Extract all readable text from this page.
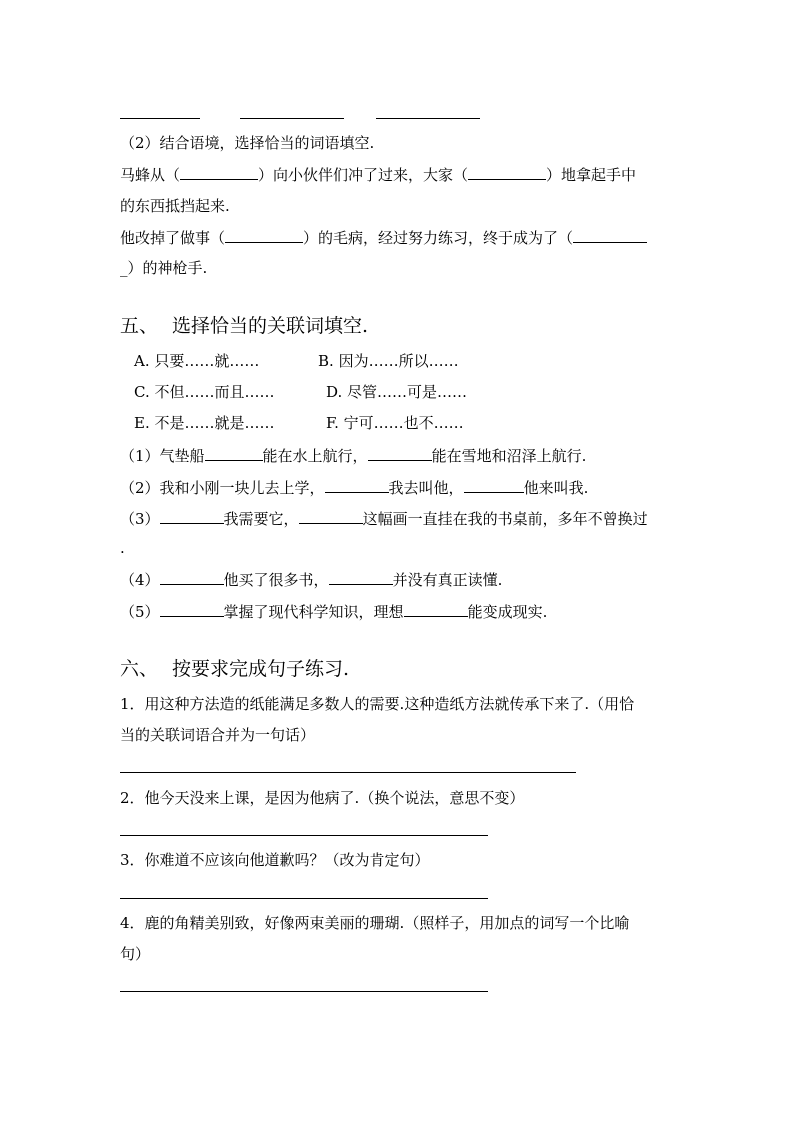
（2）结合语境，选择恰当的词语填空.
马蜂从（	）向小伙伴们冲了过来，大家（	）地拿起手中
的东西抵挡起来.
他改掉了做事（	）的毛病，经过努力练习，终于成为了（
_）的神枪手.
五、 选择恰当的关联词填空.
A. 只要……就……	B. 因为……所以……
C. 不但……而且……	D. 尽管……可是……
E. 不是……就是……	F. 宁可……也不……
（1）气垫船	能在水上航行，	能在雪地和沼泽上航行.
（2）我和小刚一块儿去上学，	我去叫他，	他来叫我.
（3）	我需要它，	这幅画一直挂在我的书桌前，多年不曾换过
.
（4）	他买了很多书，	并没有真正读懂.
（5）	掌握了现代科学知识，理想	能变成现实.
六、 按要求完成句子练习.
1．用这种方法造的纸能满足多数人的需要.这种造纸方法就传承下来了.（用恰
当的关联词语合并为一句话）
2．他今天没来上课，是因为他病了.（换个说法，意思不变）
3．你难道不应该向他道歉吗？（改为肯定句）
4．鹿的角精美别致，好像两束美丽的珊瑚.（照样子，用加点的词写一个比喻
句）
